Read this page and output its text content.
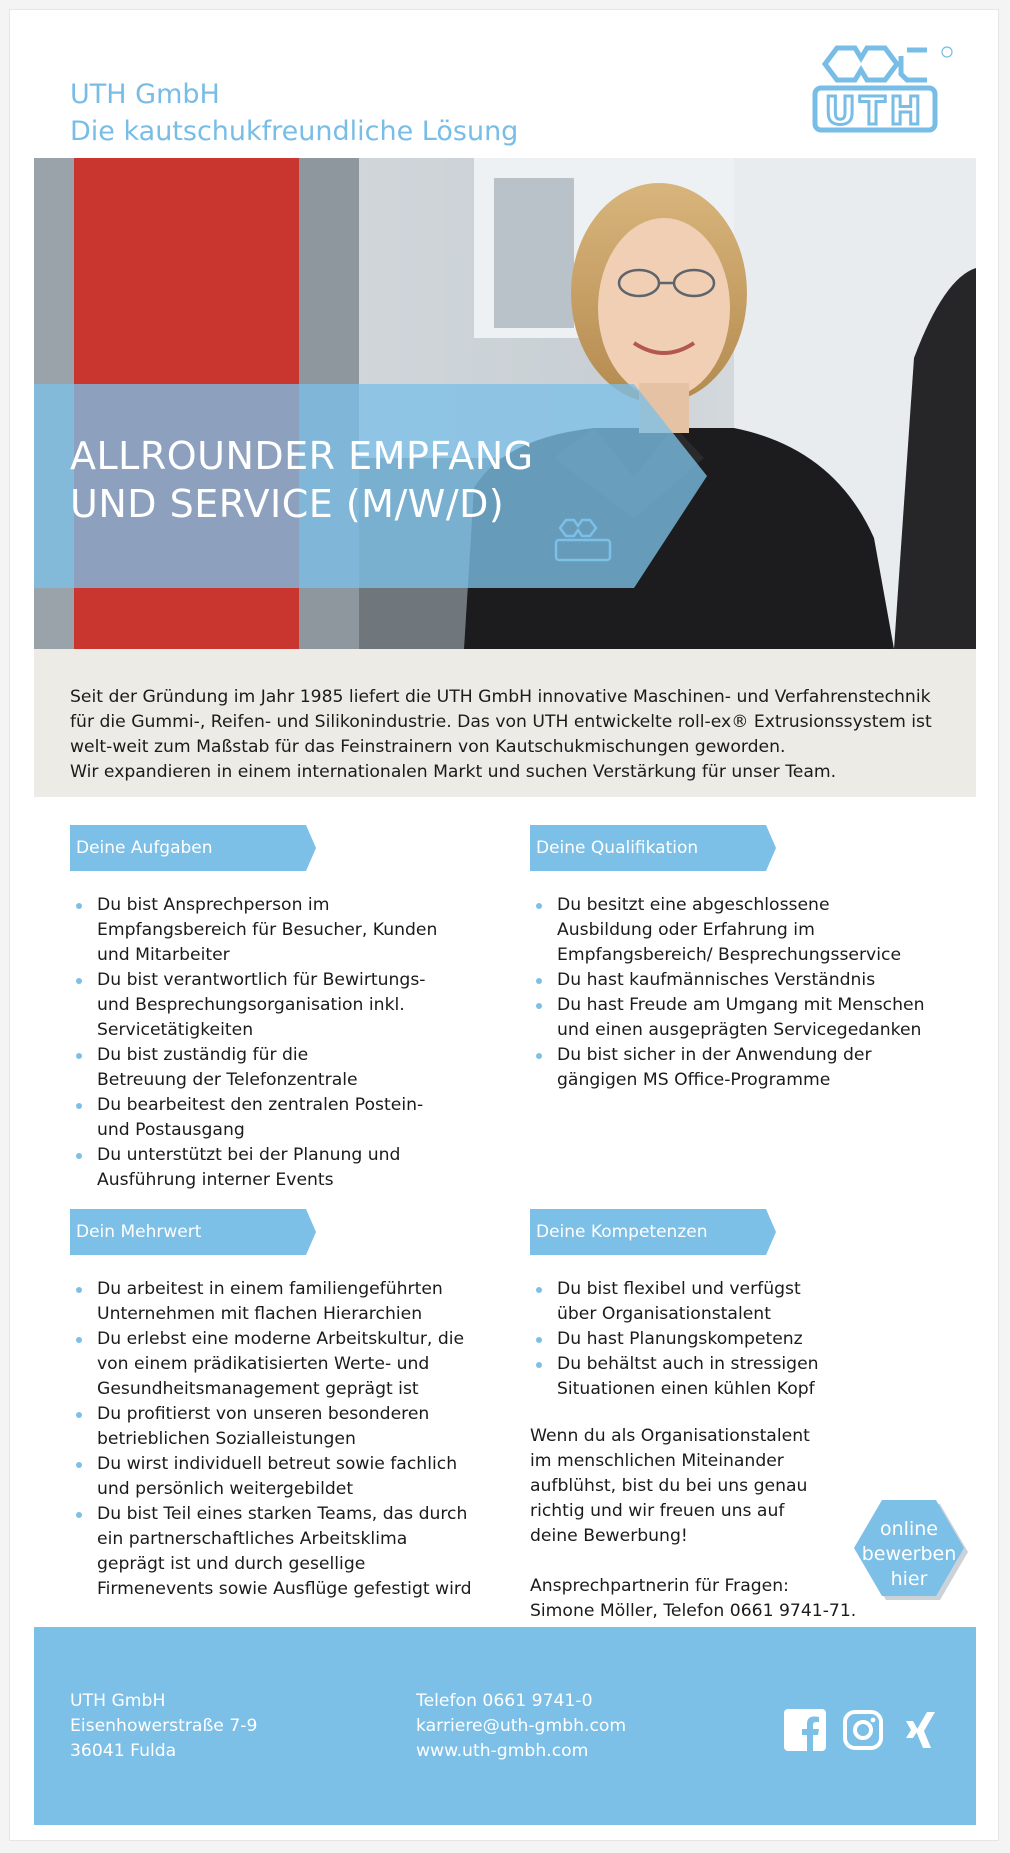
UTH GmbH
Die kautschukfreundliche Lösung	UTH
ALLROUNDER EMPFANG
UND SERVICE (M/W/D)

Seit der Gründung im Jahr 1985 liefert die UTH GmbH innovative Maschinen- und Verfahrenstechnik für die Gummi-, Reifen- und Silikonindustrie. Das von UTH entwickelte roll-ex® Extrusionssystem ist welt-weit zum Maßstab für das Feinstrainern von Kautschukmischungen geworden.

Wir expandieren in einem internationalen Markt und suchen Verstärkung für unser Team.

Deine Aufgaben
Du bist Ansprechperson im Empfangsbereich für Besucher, Kunden und Mitarbeiter
Du bist verantwortlich für Bewirtungs- und Besprechungsorganisation inkl. Servicetätigkeiten
Du bist zuständig für die Betreuung der Telefonzentrale
Du bearbeitest den zentralen Postein- und Postausgang
Du unterstützt bei der Planung und Ausführung interner Events
Deine Qualifikation
Du besitzt eine abgeschlossene Ausbildung oder Erfahrung im Empfangsbereich/ Besprechungsservice
Du hast kaufmännisches Verständnis
Du hast Freude am Umgang mit Menschen und einen ausgeprägten Servicegedanken
Du bist sicher in der Anwendung der gängigen MS Office-Programme
Dein Mehrwert
Du arbeitest in einem familiengeführten Unternehmen mit flachen Hierarchien
Du erlebst eine moderne Arbeitskultur, die von einem prädikatisierten Werte- und Gesundheitsmanagement geprägt ist
Du profitierst von unseren besonderen betrieblichen Sozialleistungen
Du wirst individuell betreut sowie fachlich und persönlich weitergebildet
Du bist Teil eines starken Teams, das durch ein partnerschaftliches Arbeitsklima geprägt ist und durch gesellige Firmenevents sowie Ausflüge gefestigt wird
Deine Kompetenzen
Du bist flexibel und verfügst über Organisationstalent
Du hast Planungskompetenz
Du behältst auch in stressigen Situationen einen kühlen Kopf

Wenn du als Organisationstalent im menschlichen Miteinander aufblühst, bist du bei uns genau richtig und wir freuen uns auf deine Bewerbung!

Ansprechpartnerin für Fragen:
Simone Möller, Telefon 0661 9741-71.
online
bewerben
hier
UTH GmbH
Eisenhowerstraße 7-9
36041 Fulda
Telefon 0661 9741-0
karriere@uth-gmbh.com
www.uth-gmbh.com
